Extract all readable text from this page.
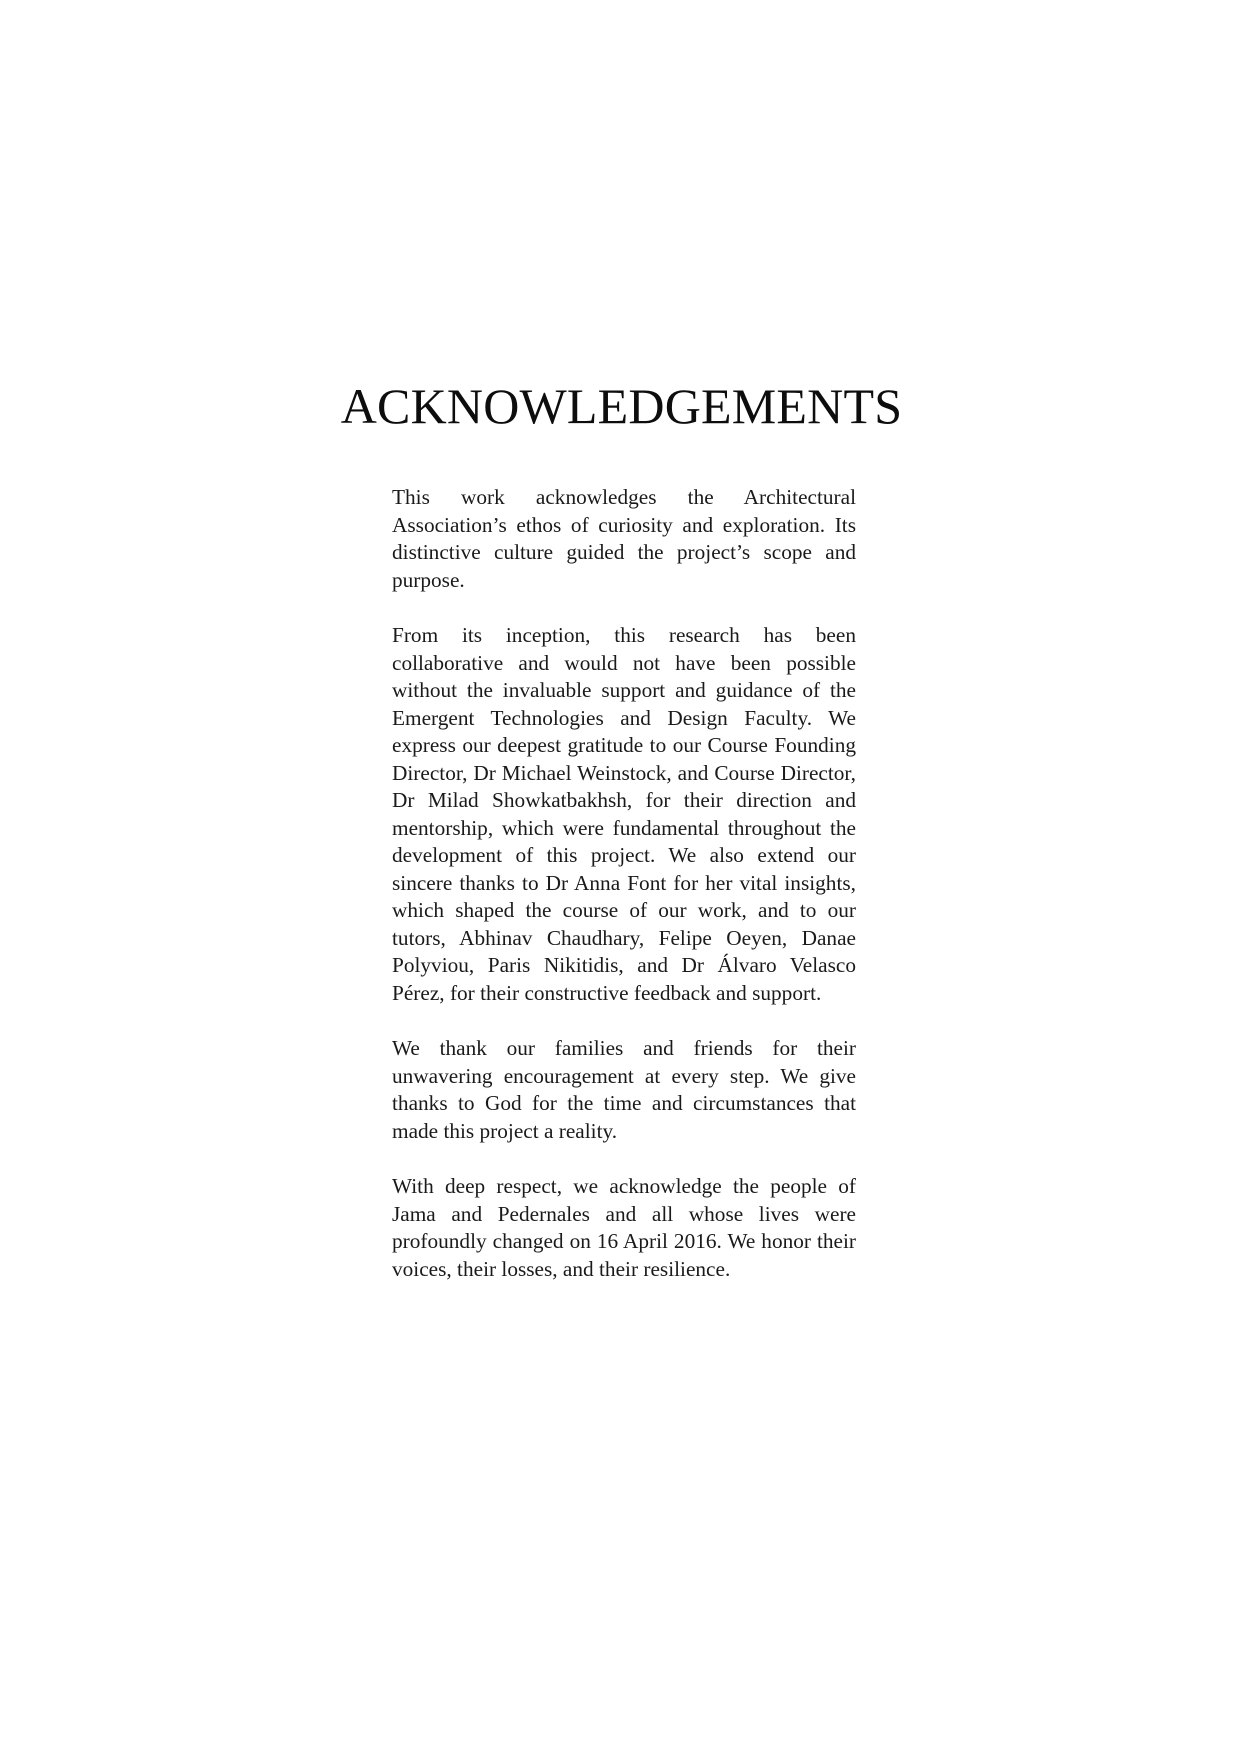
ACKNOWLEDGEMENTS

This work acknowledges the Architectural Association’s ethos of curiosity and exploration. Its distinctive culture guided the project’s scope and purpose.

From its inception, this research has been collaborative and would not have been possible without the invaluable support and guidance of the Emergent Technologies and Design Faculty. We express our deepest gratitude to our Course Founding Director, Dr Michael Weinstock, and Course Director, Dr Milad Showkatbakhsh, for their direction and mentorship, which were fundamental throughout the development of this project. We also extend our sincere thanks to Dr Anna Font for her vital insights, which shaped the course of our work, and to our tutors, Abhinav Chaudhary, Felipe Oeyen, Danae Polyviou, Paris Nikitidis, and Dr Álvaro Velasco Pérez, for their constructive feedback and support.

We thank our families and friends for their unwavering encouragement at every step. We give thanks to God for the time and circumstances that made this project a reality.

With deep respect, we acknowledge the people of Jama and Pedernales and all whose lives were profoundly changed on 16 April 2016. We honor their voices, their losses, and their resilience.
